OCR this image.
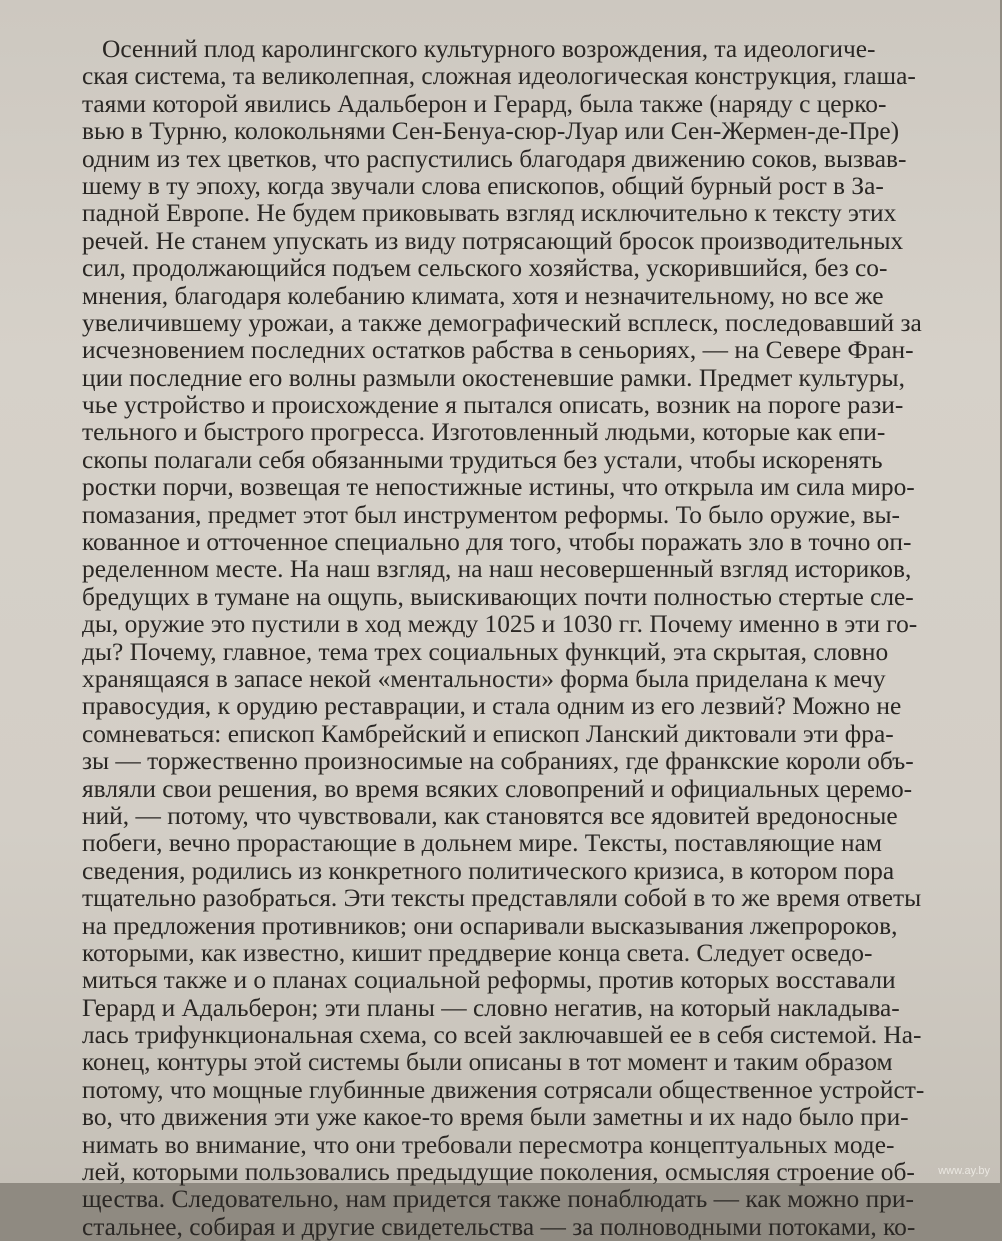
Осенний плод каролингского культурного возрождения, та идеологиче-
ская система, та великолепная, сложная идеологическая конструкция, глаша-
таями которой явились Адальберон и Герард, была также (наряду с церко-
вью в Турню, колокольнями Сен-Бенуа-сюр-Луар или Сен-Жермен-де-Пре)
одним из тех цветков, что распустились благодаря движению соков, вызвав-
шему в ту эпоху, когда звучали слова епископов, общий бурный рост в За-
падной Европе. Не будем приковывать взгляд исключительно к тексту этих
речей. Не станем упускать из виду потрясающий бросок производительных
сил, продолжающийся подъем сельского хозяйства, ускорившийся, без со-
мнения, благодаря колебанию климата, хотя и незначительному, но все же
увеличившему урожаи, а также демографический всплеск, последовавший за
исчезновением последних остатков рабства в сеньориях, — на Севере Фран-
ции последние его волны размыли окостеневшие рамки. Предмет культуры,
чье устройство и происхождение я пытался описать, возник на пороге рази-
тельного и быстрого прогресса. Изготовленный людьми, которые как епи-
скопы полагали себя обязанными трудиться без устали, чтобы искоренять
ростки порчи, возвещая те непостижные истины, что открыла им сила миро-
помазания, предмет этот был инструментом реформы. То было оружие, вы-
кованное и отточенное специально для того, чтобы поражать зло в точно оп-
ределенном месте. На наш взгляд, на наш несовершенный взгляд историков,
бредущих в тумане на ощупь, выискивающих почти полностью стертые сле-
ды, оружие это пустили в ход между 1025 и 1030 гг. Почему именно в эти го-
ды? Почему, главное, тема трех социальных функций, эта скрытая, словно
хранящаяся в запасе некой «ментальности» форма была приделана к мечу
правосудия, к орудию реставрации, и стала одним из его лезвий? Можно не
сомневаться: епископ Камбрейский и епископ Ланский диктовали эти фра-
зы — торжественно произносимые на собраниях, где франкские короли объ-
являли свои решения, во время всяких словопрений и официальных церемо-
ний, — потому, что чувствовали, как становятся все ядовитей вредоносные
побеги, вечно прорастающие в дольнем мире. Тексты, поставляющие нам
сведения, родились из конкретного политического кризиса, в котором пора
тщательно разобраться. Эти тексты представляли собой в то же время ответы
на предложения противников; они оспаривали высказывания лжепророков,
которыми, как известно, кишит преддверие конца света. Следует осведо-
миться также и о планах социальной реформы, против которых восставали
Герард и Адальберон; эти планы — словно негатив, на который накладыва-
лась трифункциональная схема, со всей заключавшей ее в себя системой. На-
конец, контуры этой системы были описаны в тот момент и таким образом
потому, что мощные глубинные движения сотрясали общественное устройст-
во, что движения эти уже какое-то время были заметны и их надо было при-
нимать во внимание, что они требовали пересмотра концептуальных моде-
лей, которыми пользовались предыдущие поколения, осмысляя строение об-
щества. Следовательно, нам придется также понаблюдать — как можно при-
стальнее, собирая и другие свидетельства — за полноводными потоками, ко-
www.ay.by
